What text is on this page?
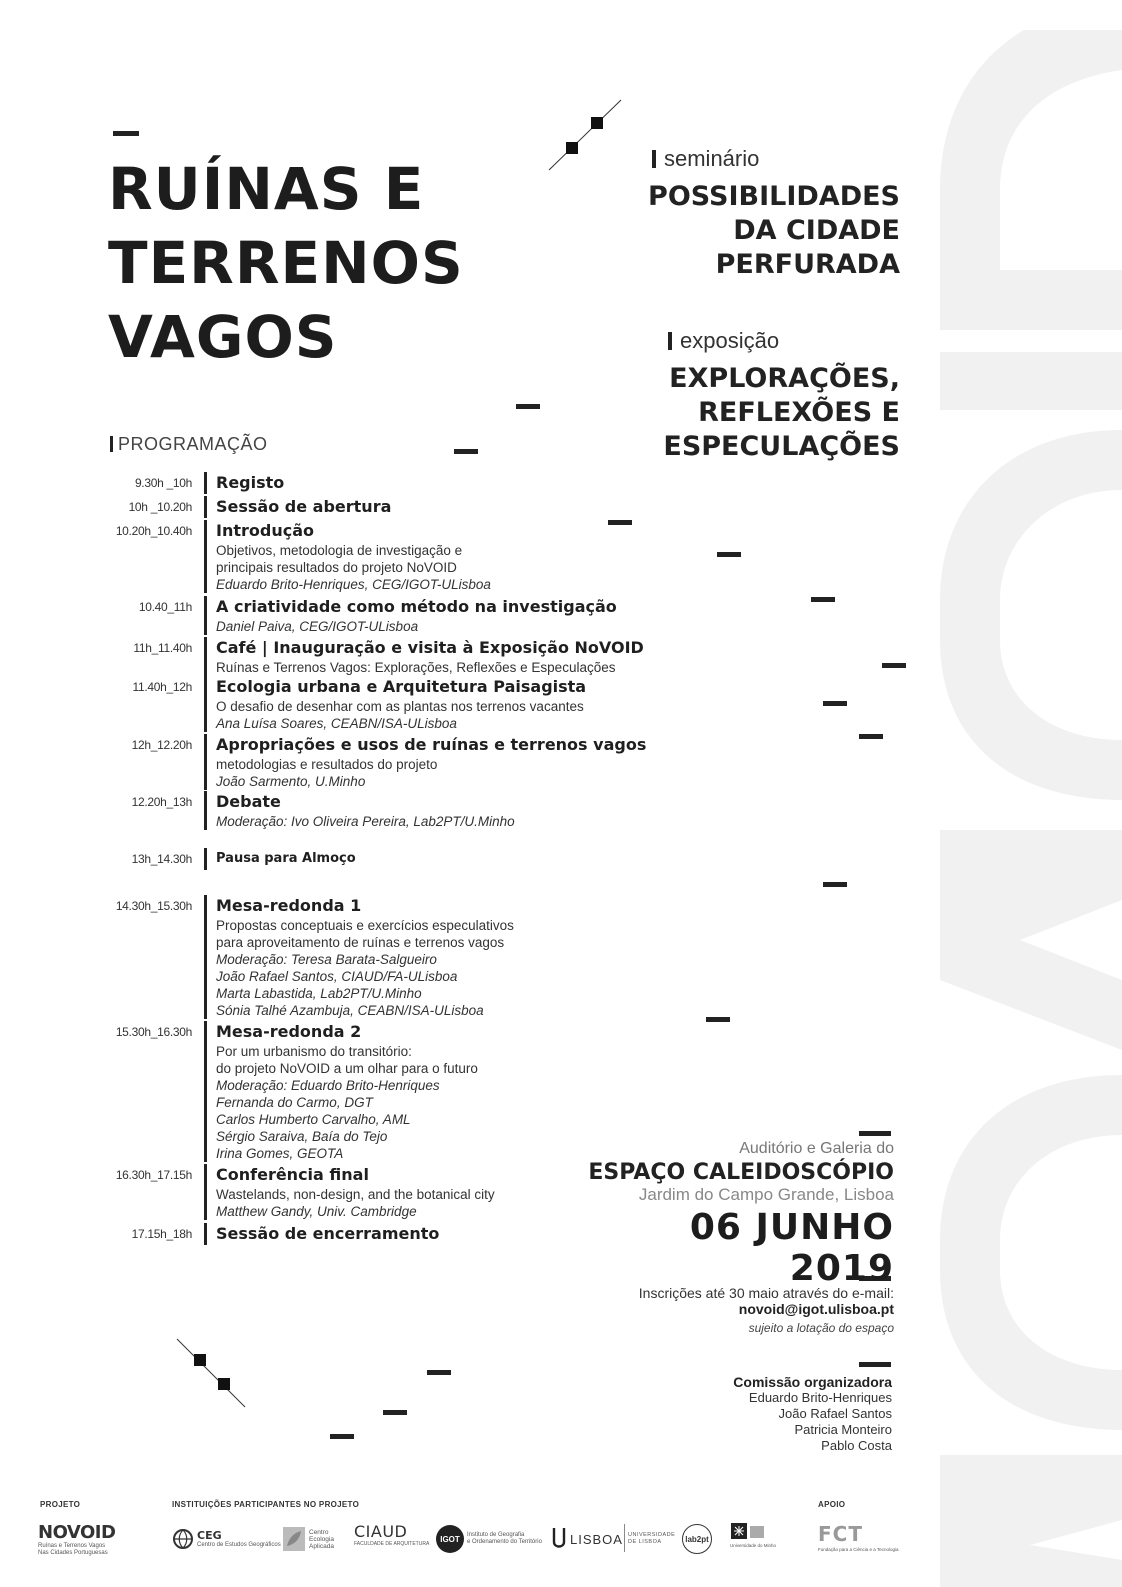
RUÍNAS E
TERRENOS
VAGOS
seminário
POSSIBILIDADES
DA CIDADE
PERFURADA
exposição
EXPLORAÇÕES,
REFLEXÕES E
ESPECULAÇÕES
PROGRAMAÇÃO
9.30h _10h Registo
10h _10.20h Sessão de abertura
10.20h_10.40h Introdução
Objetivos, metodologia de investigação e
principais resultados do projeto NoVOID
Eduardo Brito-Henriques, CEG/IGOT-ULisboa
10.40_11h A criatividade como método na investigação
Daniel Paiva, CEG/IGOT-ULisboa
11h_11.40h Café | Inauguração e visita à Exposição NoVOID
Ruínas e Terrenos Vagos: Explorações, Reflexões e Especulações
11.40h_12h Ecologia urbana e Arquitetura Paisagista
O desafio de desenhar com as plantas nos terrenos vacantes
Ana Luísa Soares, CEABN/ISA-ULisboa
12h_12.20h Apropriações e usos de ruínas e terrenos vagos
metodologias e resultados do projeto
João Sarmento, U.Minho
12.20h_13h Debate
Moderação: Ivo Oliveira Pereira, Lab2PT/U.Minho
13h_14.30h Pausa para Almoço
14.30h_15.30h Mesa-redonda 1
Propostas conceptuais e exercícios especulativos
para aproveitamento de ruínas e terrenos vagos
Moderação: Teresa Barata-Salgueiro
João Rafael Santos, CIAUD/FA-ULisboa
Marta Labastida, Lab2PT/U.Minho
Sónia Talhé Azambuja, CEABN/ISA-ULisboa
15.30h_16.30h Mesa-redonda 2
Por um urbanismo do transitório:
do projeto NoVOID a um olhar para o futuro
Moderação: Eduardo Brito-Henriques
Fernanda do Carmo, DGT
Carlos Humberto Carvalho, AML
Sérgio Saraiva, Baía do Tejo
Irina Gomes, GEOTA
16.30h_17.15h Conferência final
Wastelands, non-design, and the botanical city
Matthew Gandy, Univ. Cambridge
17.15h_18h Sessão de encerramento
Auditório e Galeria do
ESPAÇO CALEIDOSCÓPIO
Jardim do Campo Grande, Lisboa
06 JUNHO 2019
Inscrições até 30 maio através do e-mail:
novoid@igot.ulisboa.pt
sujeito a lotação do espaço
Comissão organizadora
Eduardo Brito-Henriques
João Rafael Santos
Patricia Monteiro
Pablo Costa
PROJETO	INSTITUIÇÕES PARTICIPANTES NO PROJETO	APOIO
NOVOID
Ruínas e Terrenos Vagos
Nas Cidades Portuguesas
CEG
Centro de Estudos Geográficos
Centro
Ecologia
Aplicada
CIAUD
FACULDADE DE ARQUITETURA
IGOT	Instituto de Geografia
e Ordenamento do Território LISBOA UNIVERSIDADE
DE LISBOA	lab2pt
Universidade do Minho FCT
Fundação para a Ciência e a Tecnologia
